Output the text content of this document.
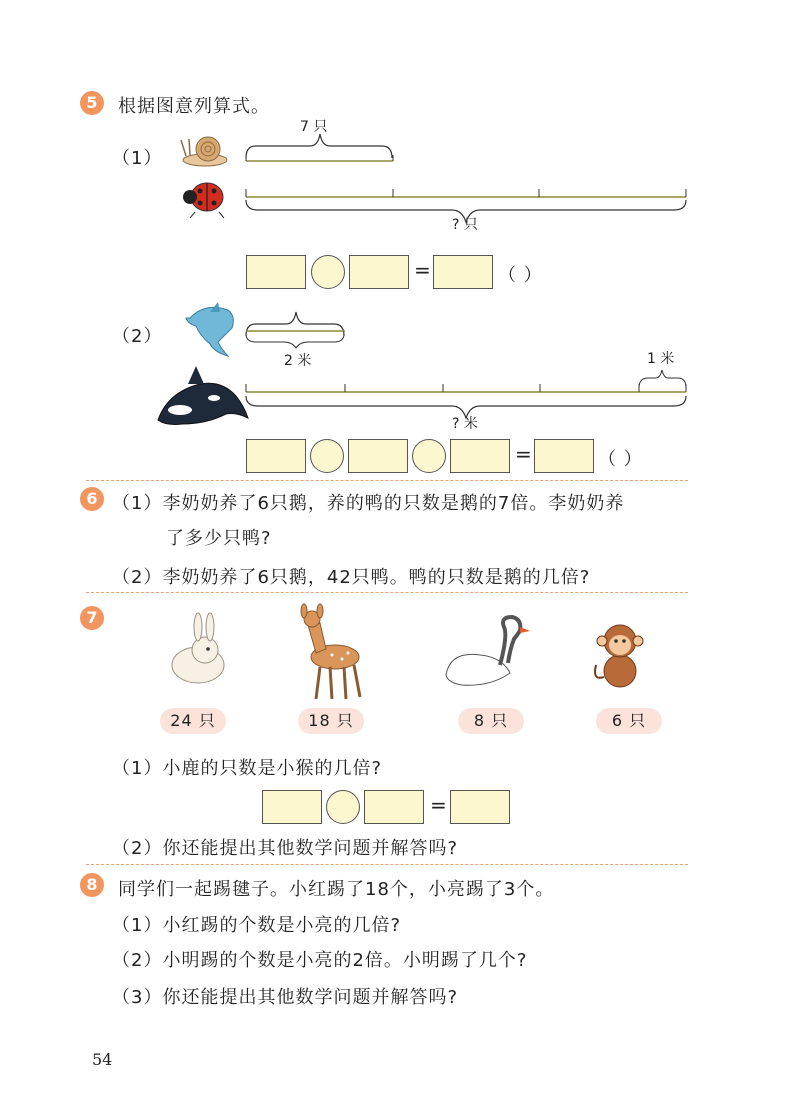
5	根据图意列算式。
（1）
7 只
? 只
=	（ ）
（2）
2 米	1 米
? 米
=	（ ）
6 （1）李奶奶养了6只鹅，养的鸭的只数是鹅的7倍。李奶奶养
了多少只鸭?
（2）李奶奶养了6只鹅，42只鸭。鸭的只数是鹅的几倍?
7
24 只	18 只	8 只	6 只
（1）小鹿的只数是小猴的几倍?
=
（2）你还能提出其他数学问题并解答吗?
8	同学们一起踢毽子。小红踢了18个，小亮踢了3个。
（1）小红踢的个数是小亮的几倍?
（2）小明踢的个数是小亮的2倍。小明踢了几个?
（3）你还能提出其他数学问题并解答吗?
54
